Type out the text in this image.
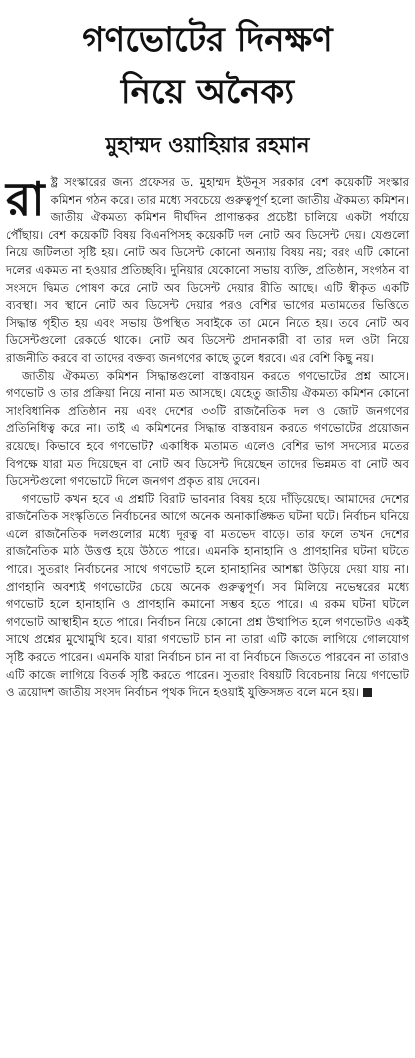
গণভোটের দিনক্ষণ
নিয়ে অনৈক্য
মুহাম্মদ ওয়াহিয়ার রহমান

রাষ্ট্র সংস্কারের জন্য প্রফেসর ড. মুহাম্মদ ইউনূস সরকার বেশ কয়েকটি সংস্কার কমিশন গঠন করে। তার মধ্যে সবচেয়ে গুরুত্বপূর্ণ হলো জাতীয় ঐকমত্য কমিশন। জাতীয় ঐকমত্য কমিশন দীর্ঘদিন প্রাণান্তকর প্রচেষ্টা চালিয়ে একটা পর্যায়ে পৌঁছায়। বেশ কয়েকটি বিষয় বিএনপিসহ কয়েকটি দল নোট অব ডিসেন্ট দেয়। যেগুলো নিয়ে জটিলতা সৃষ্টি হয়। নোট অব ডিসেন্ট কোনো অন্যায় বিষয় নয়; বরং এটি কোনো দলের একমত না হওয়ার প্রতিচ্ছবি। দুনিয়ার যেকোনো সভায় ব্যক্তি, প্রতিষ্ঠান, সংগঠন বা সংসদে দ্বিমত পোষণ করে নোট অব ডিসেন্ট দেয়ার রীতি আছে। এটি স্বীকৃত একটি ব্যবস্থা। সব স্থানে নোট অব ডিসেন্ট দেয়ার পরও বেশির ভাগের মতামতের ভিত্তিতে সিদ্ধান্ত গৃহীত হয় এবং সভায় উপস্থিত সবাইকে তা মেনে নিতে হয়। তবে নোট অব ডিসেন্টগুলো রেকর্ডে থাকে। নোট অব ডিসেন্ট প্রদানকারী বা তার দল ওটা নিয়ে রাজনীতি করবে বা তাদের বক্তব্য জনগণের কাছে তুলে ধরবে। এর বেশি কিছু নয়।

জাতীয় ঐকমত্য কমিশন সিদ্ধান্তগুলো বাস্তবায়ন করতে গণভোটের প্রশ্ন আসে। গণভোট ও তার প্রক্রিয়া নিয়ে নানা মত আসছে। যেহেতু জাতীয় ঐকমত্য কমিশন কোনো সাংবিধানিক প্রতিষ্ঠান নয় এবং দেশের ৩৩টি রাজনৈতিক দল ও জোট জনগণের প্রতিনিধিত্ব করে না। তাই এ কমিশনের সিদ্ধান্ত বাস্তবায়ন করতে গণভোটের প্রয়োজন রয়েছে। কিভাবে হবে গণভোট? একাধিক মতামত এলেও বেশির ভাগ সদস্যের মতের বিপক্ষে যারা মত দিয়েছেন বা নোট অব ডিসেন্ট দিয়েছেন তাদের ভিন্নমত বা নোট অব ডিসেন্টগুলো গণভোটে দিলে জনগণ প্রকৃত রায় দেবেন।

গণভোট কখন হবে এ প্রশ্নটি বিরাট ভাবনার বিষয় হয়ে দাঁড়িয়েছে। আমাদের দেশের রাজনৈতিক সংস্কৃতিতে নির্বাচনের আগে অনেক অনাকাঙ্ক্ষিত ঘটনা ঘটে। নির্বাচন ঘনিয়ে এলে রাজনৈতিক দলগুলোর মধ্যে দূরত্ব বা মতভেদ বাড়ে। তার ফলে তখন দেশের রাজনৈতিক মাঠ উত্তপ্ত হয়ে উঠতে পারে। এমনকি হানাহানি ও প্রাণহানির ঘটনা ঘটতে পারে। সুতরাং নির্বাচনের সাথে গণভোট হলে হানাহানির আশঙ্কা উড়িয়ে দেয়া যায় না। প্রাণহানি অবশ্যই গণভোটের চেয়ে অনেক গুরুত্বপূর্ণ। সব মিলিয়ে নভেম্বরের মধ্যে গণভোট হলে হানাহানি ও প্রাণহানি কমানো সম্ভব হতে পারে। এ রকম ঘটনা ঘটলে গণভোট আস্থাহীন হতে পারে। নির্বাচন নিয়ে কোনো প্রশ্ন উত্থাপিত হলে গণভোটও একই সাথে প্রশ্নের মুখোমুখি হবে। যারা গণভোট চান না তারা এটি কাজে লাগিয়ে গোলযোগ সৃষ্টি করতে পারেন। এমনকি যারা নির্বাচন চান না বা নির্বাচনে জিততে পারবেন না তারাও এটি কাজে লাগিয়ে বিতর্ক সৃষ্টি করতে পারেন। সুতরাং বিষয়টি বিবেচনায় নিয়ে গণভোট ও ত্রয়োদশ জাতীয় সংসদ নির্বাচন পৃথক দিনে হওয়াই যুক্তিসঙ্গত বলে মনে হয়।
